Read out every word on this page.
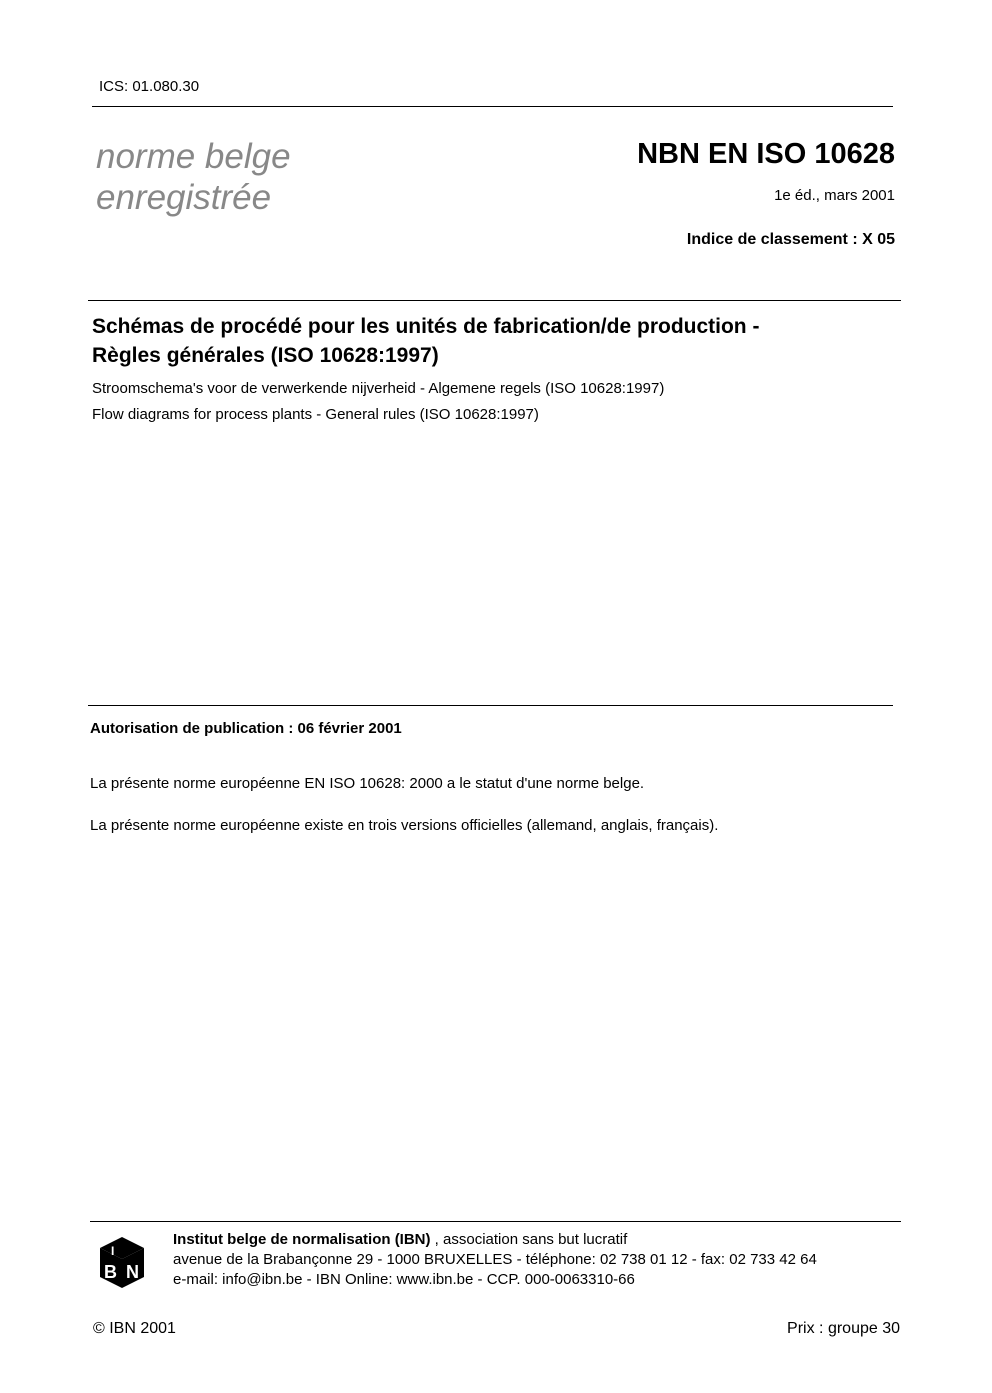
ICS: 01.080.30
norme belge
enregistrée
NBN EN ISO 10628
1e éd., mars 2001
Indice de classement : X 05
Schémas de procédé pour les unités de fabrication/de production -
Règles générales (ISO 10628:1997)
Stroomschema's voor de verwerkende nijverheid - Algemene regels (ISO 10628:1997)
Flow diagrams for process plants - General rules (ISO 10628:1997)
Autorisation de publication : 06 février 2001
La présente norme européenne EN ISO 10628: 2000 a le statut d'une norme belge.
La présente norme européenne existe en trois versions officielles (allemand, anglais, français).
I
B N
Institut belge de normalisation (IBN) , association sans but lucratif
avenue de la Brabançonne 29 - 1000 BRUXELLES - téléphone: 02 738 01 12 - fax: 02 733 42 64
e-mail: info@ibn.be - IBN Online: www.ibn.be - CCP. 000-0063310-66
© IBN 2001	Prix : groupe 30
